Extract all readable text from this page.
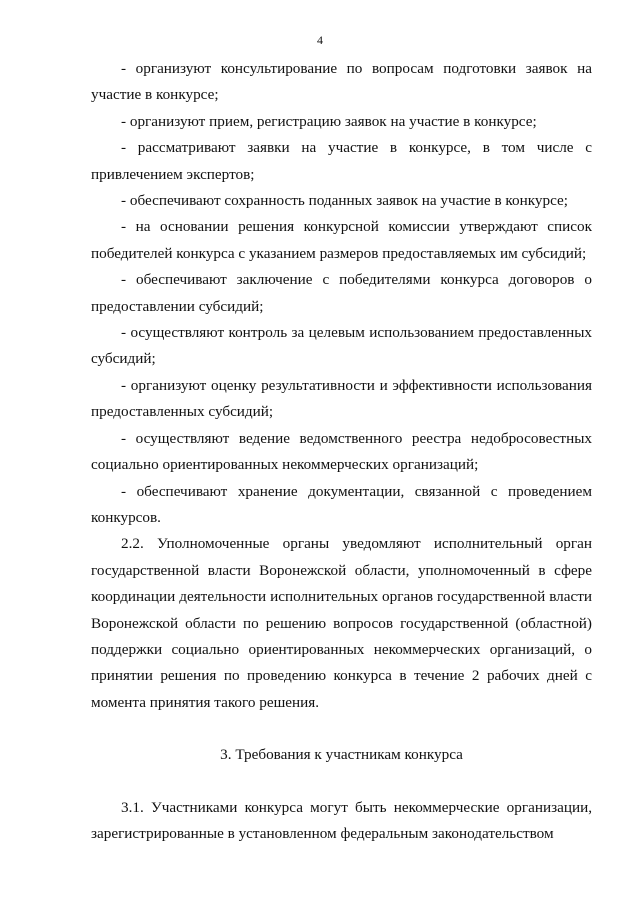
4

- организуют консультирование по вопросам подготовки заявок на участие в конкурсе;

- организуют прием, регистрацию заявок на участие в конкурсе;

- рассматривают заявки на участие в конкурсе, в том числе с привлечением экспертов;

- обеспечивают сохранность поданных заявок на участие в конкурсе;

- на основании решения конкурсной комиссии утверждают список победителей конкурса с указанием размеров предоставляемых им субсидий;

- обеспечивают заключение с победителями конкурса договоров о предоставлении субсидий;

- осуществляют контроль за целевым использованием предоставленных субсидий;

- организуют оценку результативности и эффективности использования предоставленных субсидий;

- осуществляют ведение ведомственного реестра недобросовестных социально ориентированных некоммерческих организаций;

- обеспечивают хранение документации, связанной с проведением конкурсов.

2.2. Уполномоченные органы уведомляют исполнительный орган государственной власти Воронежской области, уполномоченный в сфере координации деятельности исполнительных органов государственной власти Воронежской области по решению вопросов государственной (областной) поддержки социально ориентированных некоммерческих организаций, о принятии решения по проведению конкурса в течение 2 рабочих дней с момента принятия такого решения.

3. Требования к участникам конкурса

3.1. Участниками конкурса могут быть некоммерческие организации, зарегистрированные в установленном федеральным законодательством
